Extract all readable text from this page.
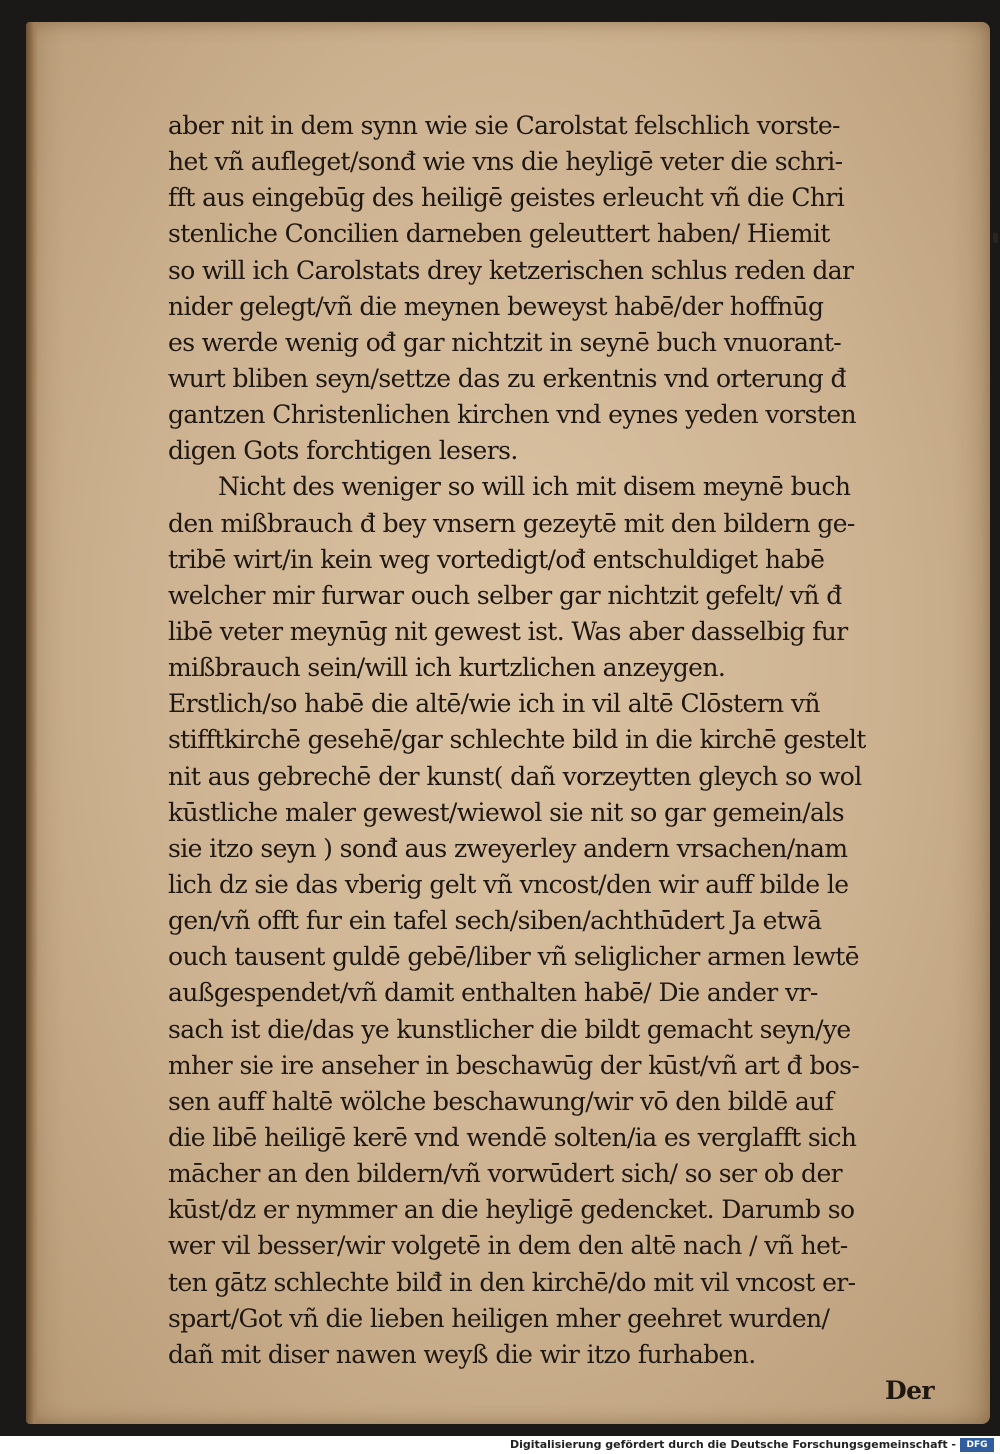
aber nit in dem synn wie sie Carolstat felschlich vorste-
het vñ aufleget/sonđ wie vns die heyligē veter die schri-
fft aus eingebūg des heiligē geistes erleucht vñ die Chri
stenliche Concilien darneben geleuttert haben/ Hiemit
so will ich Carolstats drey ketzerischen schlus reden dar
nider gelegt/vñ die meynen beweyst habē/der hoffnūg
es werde wenig ođ gar nichtzit in seynē buch vnuorant-
wurt bliben seyn/settze das zu erkentnis vnd orterung đ
gantzen Christenlichen kirchen vnd eynes yeden vorsten
digen Gots forchtigen lesers.
Nicht des weniger so will ich mit disem meynē buch
den mißbrauch đ bey vnsern gezeytē mit den bildern ge-
tribē wirt/in kein weg vortedigt/ođ entschuldiget habē
welcher mir furwar ouch selber gar nichtzit gefelt/ vñ đ
libē veter meynūg nit gewest ist. Was aber dasselbig fur
mißbrauch sein/will ich kurtzlichen anzeygen.
Erstlich/so habē die altē/wie ich in vil altē Clōstern vñ
stifftkirchē gesehē/gar schlechte bild in die kirchē gestelt
nit aus gebrechē der kunst( dañ vorzeytten gleych so wol
kūstliche maler gewest/wiewol sie nit so gar gemein/als
sie itzo seyn ) sonđ aus zweyerley andern vrsachen/nam
lich dz sie das vberig gelt vñ vncost/den wir auff bilde le
gen/vñ offt fur ein tafel sech/siben/achthūdert Ja etwā
ouch tausent guldē gebē/liber vñ seliglicher armen lewtē
außgespendet/vñ damit enthalten habē/ Die ander vr-
sach ist die/das ye kunstlicher die bildt gemacht seyn/ye
mher sie ire anseher in beschawūg der kūst/vñ art đ bos-
sen auff haltē wölche beschawung/wir vō den bildē auf
die libē heiligē kerē vnd wendē solten/ia es verglafft sich
mācher an den bildern/vñ vorwūdert sich/ so ser ob der
kūst/dz er nymmer an die heyligē gedencket. Darumb so
wer vil besser/wir volgetē in dem den altē nach / vñ het-
ten gātz schlechte bilđ in den kirchē/do mit vil vncost er-
spart/Got vñ die lieben heiligen mher geehret wurden/
dañ mit diser nawen weyß die wir itzo furhaben.
Der
Digitalisierung gefördert durch die Deutsche Forschungsgemeinschaft -	DFG
